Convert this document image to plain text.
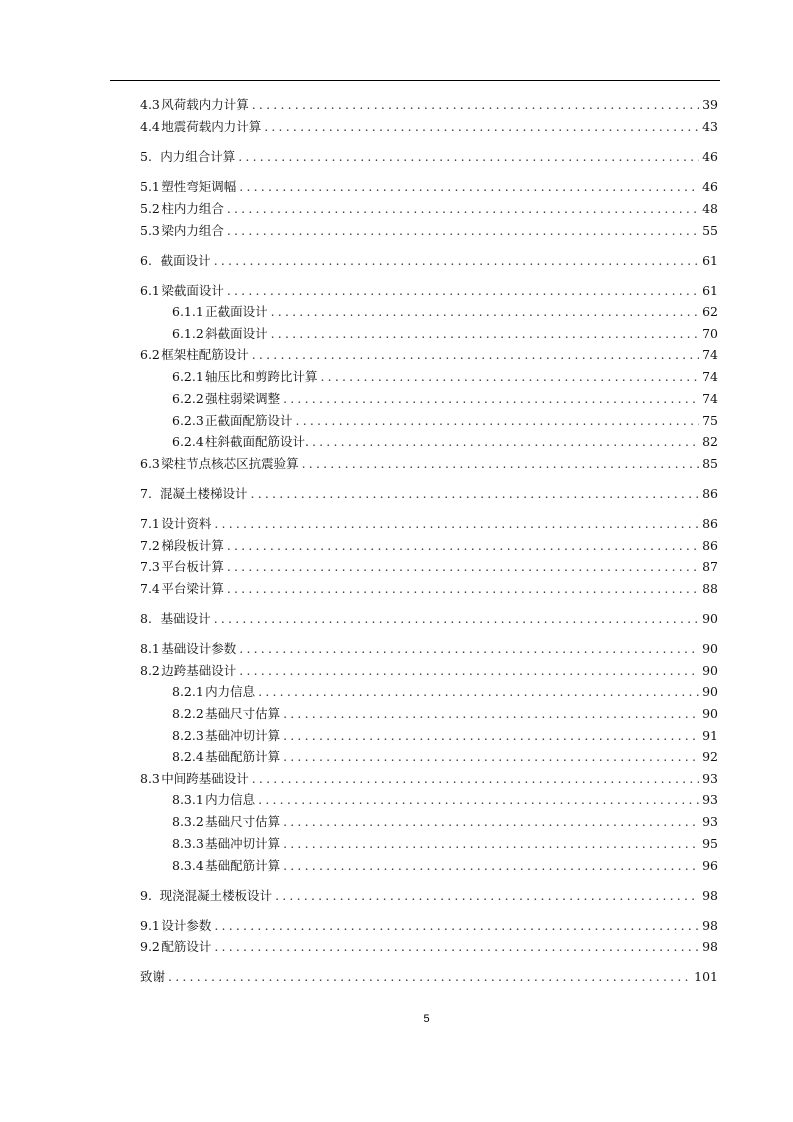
4.3 风荷载内力计算 .....	39
4.4 地震荷载内力计算 .....	43
5. 内力组合计算 .....	46
5.1 塑性弯矩调幅 .....	46
5.2 柱内力组合 .....	48
5.3 梁内力组合 .....	55
6. 截面设计 .....	61
6.1 梁截面设计 .....	61
6.1.1 正截面设计 .....	62
6.1.2 斜截面设计 .....	70
6.2 框架柱配筋设计 .....	74
6.2.1 轴压比和剪跨比计算 .....	74
6.2.2 强柱弱梁调整 .....	74
6.2.3 正截面配筋设计 .....	75
6.2.4 柱斜截面配筋设计. .....	82
6.3 梁柱节点核芯区抗震验算 .....	85
7. 混凝土楼梯设计 .....	86
7.1 设计资料 .....	86
7.2 梯段板计算 .....	86
7.3 平台板计算 .....	87
7.4 平台梁计算 .....	88
8. 基础设计 .....	90
8.1 基础设计参数 .....	90
8.2 边跨基础设计 .....	90
8.2.1 内力信息 .....	90
8.2.2 基础尺寸估算 .....	90
8.2.3 基础冲切计算 .....	91
8.2.4 基础配筋计算 .....	92
8.3 中间跨基础设计 .....	93
8.3.1 内力信息 .....	93
8.3.2 基础尺寸估算 .....	93
8.3.3 基础冲切计算 .....	95
8.3.4 基础配筋计算 .....	96
9. 现浇混凝土楼板设计 .....	98
9.1 设计参数 .....	98
9.2 配筋设计 .....	98
致谢 .....	101
5
